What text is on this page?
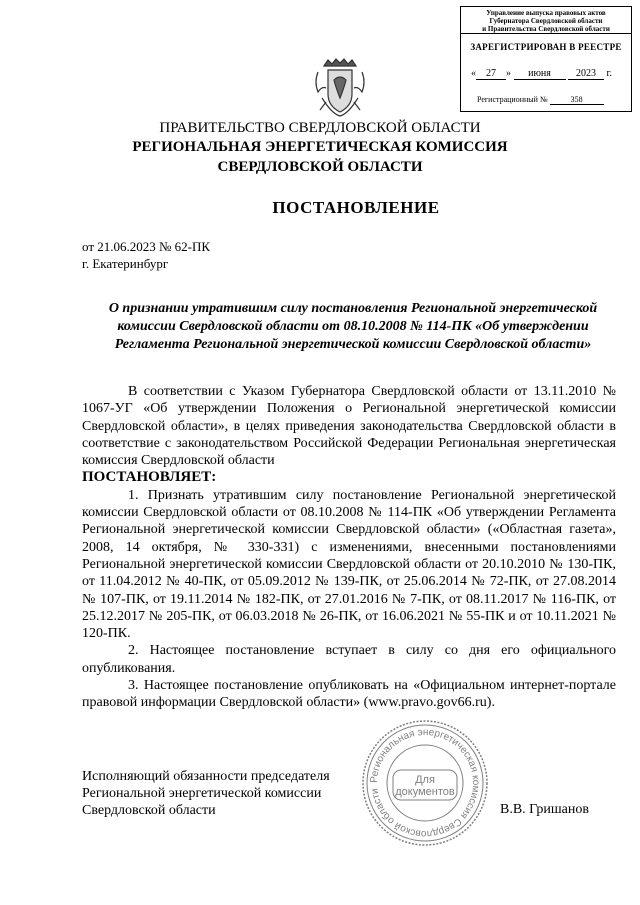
Управление выпуска правовых актов
Губернатора Свердловской области
и Правительства Свердловской области
ЗАРЕГИСТРИРОВАН В РЕЕСТРЕ
« 27 » июня	2023 г.
Регистрационный №	358
ПРАВИТЕЛЬСТВО СВЕРДЛОВСКОЙ ОБЛАСТИ
РЕГИОНАЛЬНАЯ ЭНЕРГЕТИЧЕСКАЯ КОМИССИЯ
СВЕРДЛОВСКОЙ ОБЛАСТИ
ПОСТАНОВЛЕНИЕ
от 21.06.2023 № 62-ПК
г. Екатеринбург
О признании утратившим силу постановления Региональной энергетической комиссии Свердловской области от 08.10.2008 № 114-ПК «Об утверждении Регламента Региональной энергетической комиссии Свердловской области»

В соответствии с Указом Губернатора Свердловской области от 13.11.2010 № 1067-УГ «Об утверждении Положения о Региональной энергетической комиссии Свердловской области», в целях приведения законодательства Свердловской области в соответствие с законодательством Российской Федерации Региональная энергетическая комиссия Свердловской области

ПОСТАНОВЛЯЕТ:

1. Признать утратившим силу постановление Региональной энергетической комиссии Свердловской области от 08.10.2008 № 114-ПК «Об утверждении Регламента Региональной энергетической комиссии Свердловской области» («Областная газета», 2008, 14 октября, № 330-331) с изменениями, внесенными постановлениями Региональной энергетической комиссии Свердловской области от 20.10.2010 № 130-ПК, от 11.04.2012 № 40-ПК, от 05.09.2012 № 139-ПК, от 25.06.2014 № 72-ПК, от 27.08.2014 № 107-ПК, от 19.11.2014 № 182-ПК, от 27.01.2016 № 7-ПК, от 08.11.2017 № 116-ПК, от 25.12.2017 № 205-ПК, от 06.03.2018 № 26-ПК, от 16.06.2021 № 55-ПК и от 10.11.2021 № 120-ПК.

2. Настоящее постановление вступает в силу со дня его официального опубликования.

3. Настоящее постановление опубликовать на «Официальном интернет-портале правовой информации Свердловской области» (www.pravo.gov66.ru).

Исполняющий обязанности председателя
Региональной энергетической комиссии
Свердловской области	В.В. Гришанов
Региональная энергетическая комиссия Свердловской области
Для
документов
